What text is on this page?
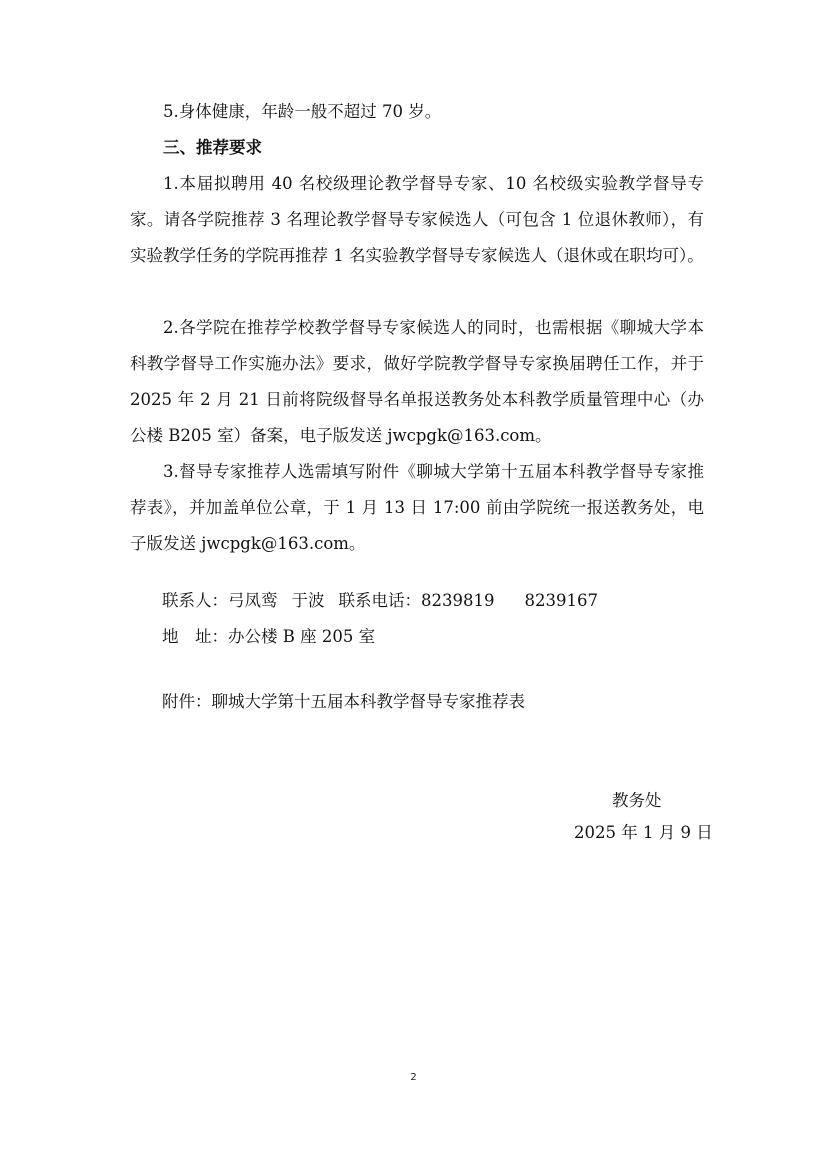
5.身体健康，年龄一般不超过 70 岁。

三、推荐要求

1.本届拟聘用 40 名校级理论教学督导专家、10 名校级实验教学督导专家。请各学院推荐 3 名理论教学督导专家候选人（可包含 1 位退休教师），有实验教学任务的学院再推荐 1 名实验教学督导专家候选人（退休或在职均可）。

2.各学院在推荐学校教学督导专家候选人的同时，也需根据《聊城大学本科教学督导工作实施办法》要求，做好学院教学督导专家换届聘任工作，并于 2025 年 2 月 21 日前将院级督导名单报送教务处本科教学质量管理中心（办公楼 B205 室）备案，电子版发送 jwcpgk@163.com。

3.督导专家推荐人选需填写附件《聊城大学第十五届本科教学督导专家推荐表》，并加盖单位公章，于 1 月 13 日 17:00 前由学院统一报送教务处，电子版发送 jwcpgk@163.com。

联系人：弓凤鸾 于波 联系电话：8239819 8239167

地　址：办公楼 B 座 205 室

附件：聊城大学第十五届本科教学督导专家推荐表

教务处

2025 年 1 月 9 日

2
